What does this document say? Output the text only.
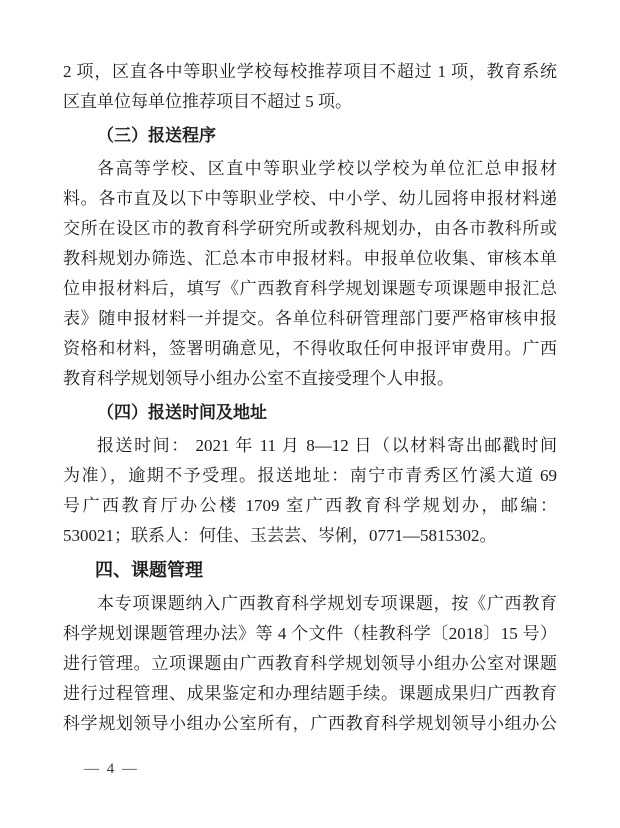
2 项，区直各中等职业学校每校推荐项目不超过 1 项，教育系统
区直单位每单位推荐项目不超过 5 项。
（三）报送程序
各高等学校、区直中等职业学校以学校为单位汇总申报材
料。各市直及以下中等职业学校、中小学、幼儿园将申报材料递
交所在设区市的教育科学研究所或教科规划办，由各市教科所或
教科规划办筛选、汇总本市申报材料。申报单位收集、审核本单
位申报材料后，填写《广西教育科学规划课题专项课题申报汇总
表》随申报材料一并提交。各单位科研管理部门要严格审核申报
资格和材料，签署明确意见，不得收取任何申报评审费用。广西
教育科学规划领导小组办公室不直接受理个人申报。
（四）报送时间及地址
报送时间： 2021 年 11 月 8—12 日（以材料寄出邮戳时间
为准），逾期不予受理。报送地址：南宁市青秀区竹溪大道 69
号广西教育厅办公楼 1709 室广西教育科学规划办，邮编：
530021；联系人：何佳、玉芸芸、岑俐，0771—5815302。
四、课题管理
本专项课题纳入广西教育科学规划专项课题，按《广西教育
科学规划课题管理办法》等 4 个文件（桂教科学〔2018〕15 号）
进行管理。立项课题由广西教育科学规划领导小组办公室对课题
进行过程管理、成果鉴定和办理结题手续。课题成果归广西教育
科学规划领导小组办公室所有，广西教育科学规划领导小组办公
— 4 —
